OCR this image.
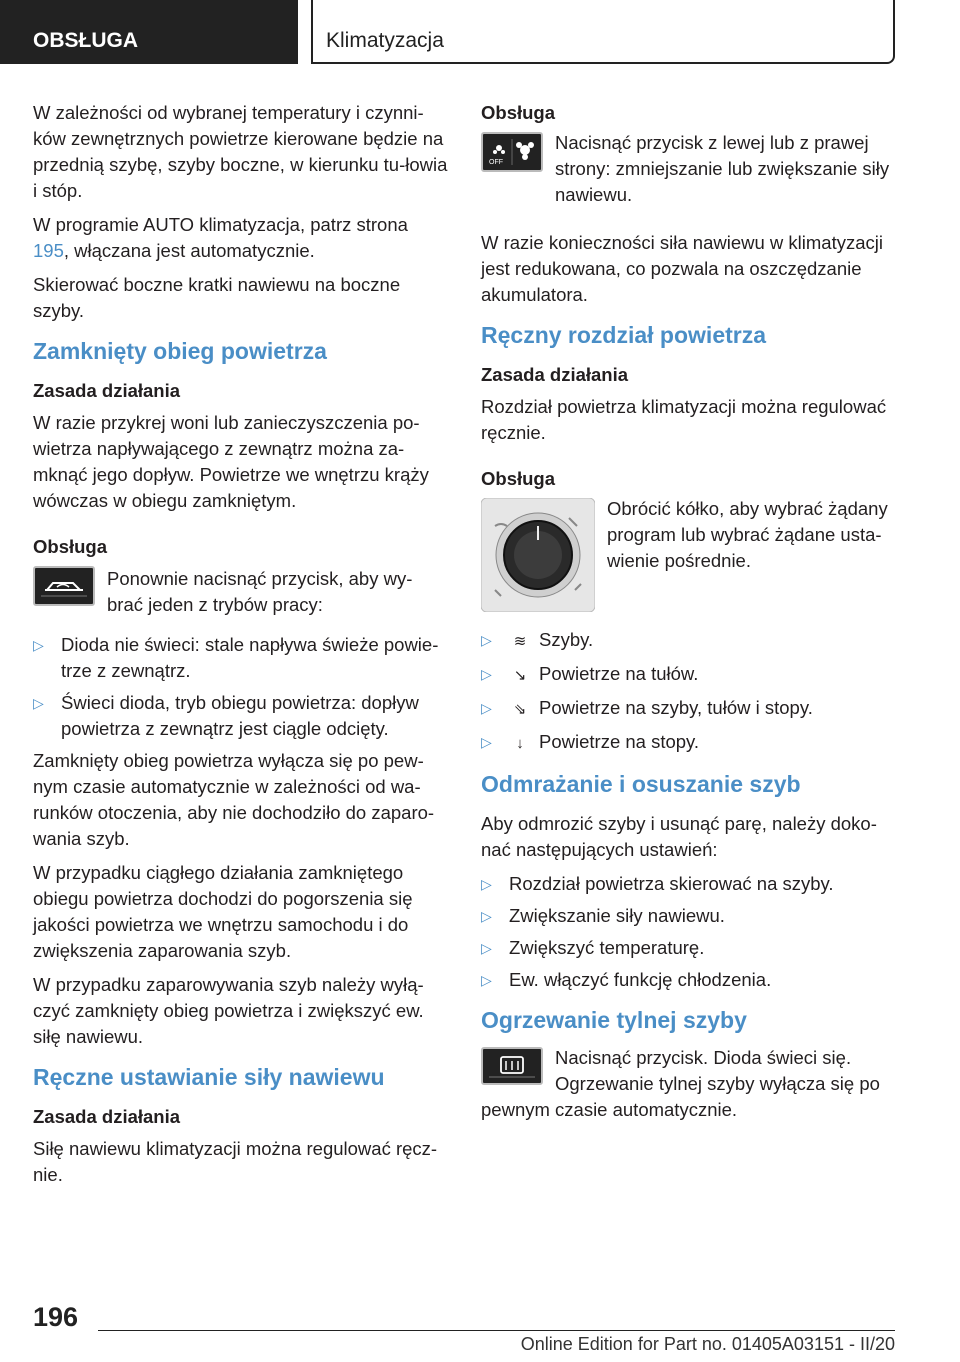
OBSŁUGA	Klimatyzacja

W zależności od wybranej temperatury i czynni-ków zewnętrznych powietrze kierowane będzie na przednią szybę, szyby boczne, w kierunku tu-łowia i stóp.

W programie AUTO klimatyzacja, patrz strona 195, włączana jest automatycznie.

Skierować boczne kratki nawiewu na boczne szyby.

Zamknięty obieg powietrza
Zasada działania

W razie przykrej woni lub zanieczyszczenia po-wietrza napływającego z zewnątrz można za-mknąć jego dopływ. Powietrze we wnętrzu krąży wówczas w obiegu zamkniętym.

Obsługa

Ponownie nacisnąć przycisk, aby wy-brać jeden z trybów pracy:

▷ Dioda nie świeci: stale napływa świeże powie-trze z zewnątrz.
▷ Świeci dioda, tryb obiegu powietrza: dopływ powietrza z zewnątrz jest ciągle odcięty.

Zamknięty obieg powietrza wyłącza się po pew-nym czasie automatycznie w zależności od wa-runków otoczenia, aby nie dochodziło do zaparo-wania szyb.

W przypadku ciągłego działania zamkniętego obiegu powietrza dochodzi do pogorszenia się jakości powietrza we wnętrzu samochodu i do zwiększenia zaparowania szyb.

W przypadku zaparowywania szyb należy wyłą-czyć zamknięty obieg powietrza i zwiększyć ew. siłę nawiewu.

Ręczne ustawianie siły nawiewu
Zasada działania

Siłę nawiewu klimatyzacji można regulować ręcz-nie.

Obsługa
OFF

Nacisnąć przycisk z lewej lub z prawej strony: zmniejszanie lub zwiększanie siły nawiewu.

W razie konieczności siła nawiewu w klimatyzacji jest redukowana, co pozwala na oszczędzanie akumulatora.

Ręczny rozdział powietrza
Zasada działania

Rozdział powietrza klimatyzacji można regulować ręcznie.

Obsługa

Obrócić kółko, aby wybrać żądany program lub wybrać żądane usta-wienie pośrednie.

▷ ≋ Szyby.
▷ ↘ Powietrze na tułów.
▷ ⇘ Powietrze na szyby, tułów i stopy.
▷ ↓ Powietrze na stopy.
Odmrażanie i osuszanie szyb

Aby odmrozić szyby i usunąć parę, należy doko-nać następujących ustawień:

▷ Rozdział powietrza skierować na szyby.
▷ Zwiększanie siły nawiewu.
▷ Zwiększyć temperaturę.
▷ Ew. włączyć funkcję chłodzenia.
Ogrzewanie tylnej szyby

Nacisnąć przycisk. Dioda świeci się.

Ogrzewanie tylnej szyby wyłącza się po pewnym czasie automatycznie.

196
Online Edition for Part no. 01405A03151 - II/20
